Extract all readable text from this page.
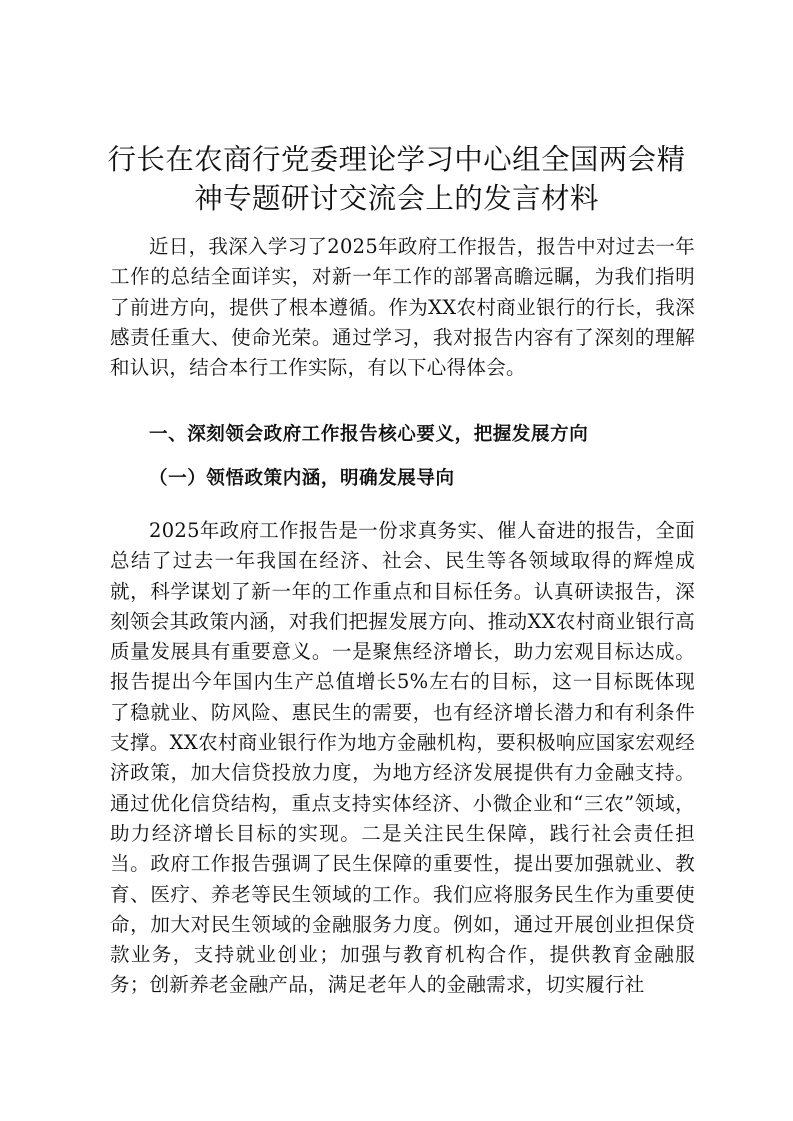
行长在农商行党委理论学习中心组全国两会精
神专题研讨交流会上的发言材料

近日，我深入学习了2025年政府工作报告，报告中对过去一年工作的总结全面详实，对新一年工作的部署高瞻远瞩，为我们指明了前进方向，提供了根本遵循。作为XX农村商业银行的行长，我深感责任重大、使命光荣。通过学习，我对报告内容有了深刻的理解和认识，结合本行工作实际，有以下心得体会。

一、深刻领会政府工作报告核心要义，把握发展方向
（一）领悟政策内涵，明确发展导向

2025年政府工作报告是一份求真务实、催人奋进的报告，全面总结了过去一年我国在经济、社会、民生等各领域取得的辉煌成就，科学谋划了新一年的工作重点和目标任务。认真研读报告，深刻领会其政策内涵，对我们把握发展方向、推动XX农村商业银行高质量发展具有重要意义。一是聚焦经济增长，助力宏观目标达成。报告提出今年国内生产总值增长5%左右的目标，这一目标既体现了稳就业、防风险、惠民生的需要，也有经济增长潜力和有利条件支撑。XX农村商业银行作为地方金融机构，要积极响应国家宏观经济政策，加大信贷投放力度，为地方经济发展提供有力金融支持。通过优化信贷结构，重点支持实体经济、小微企业和“三农”领域，助力经济增长目标的实现。二是关注民生保障，践行社会责任担当。政府工作报告强调了民生保障的重要性，提出要加强就业、教育、医疗、养老等民生领域的工作。我们应将服务民生作为重要使命，加大对民生领域的金融服务力度。例如，通过开展创业担保贷款业务，支持就业创业；加强与教育机构合作，提供教育金融服务；创新养老金融产品，满足老年人的金融需求，切实履行社
